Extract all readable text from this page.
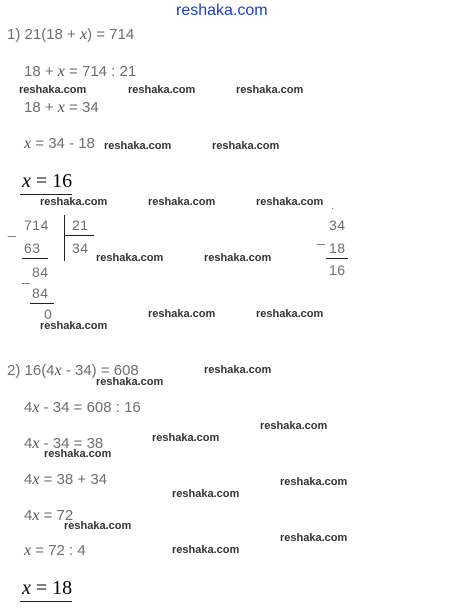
reshaka.com
1) 21(18 + x) = 714
18 + x = 714 : 21
18 + x = 34
x = 34 - 18
x = 16
_ 714 21
63 34
_ 84
84
0
·
_
34
18
16
2) 16(4x - 34) = 608
4x - 34 = 608 : 16
4x - 34 = 38
4x = 38 + 34
4x = 72
x = 72 : 4
x = 18
reshaka.com	reshaka.com	reshaka.com
reshaka.com	reshaka.com
reshaka.com	reshaka.com	reshaka.com
reshaka.com	reshaka.com
reshaka.com	reshaka.com
reshaka.com
reshaka.com
reshaka.com
reshaka.com
reshaka.com
reshaka.com
reshaka.com
reshaka.com
reshaka.com
reshaka.com
reshaka.com
